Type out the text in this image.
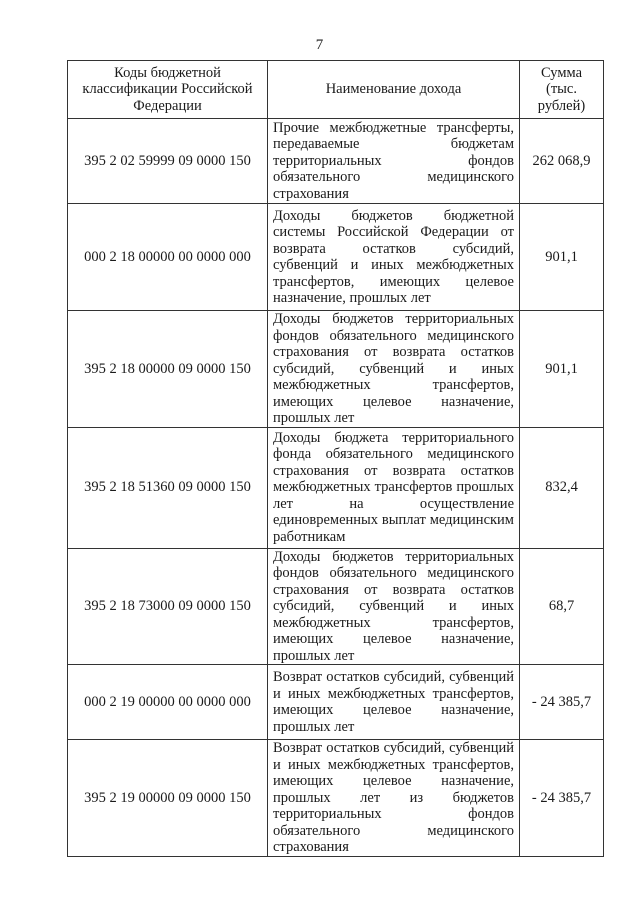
7
Коды бюджетной классификации Российской Федерации	Наименование дохода	Сумма (тыс. рублей)
395 2 02 59999 09 0000 150	Прочие межбюджетные трансферты, передаваемые бюджетам территориальных фондов обязательного медицинского страхования	262 068,9
000 2 18 00000 00 0000 000	Доходы бюджетов бюджетной системы Российской Федерации от возврата остатков субсидий, субвенций и иных межбюджетных трансфертов, имеющих целевое назначение, прошлых лет	901,1
395 2 18 00000 09 0000 150	Доходы бюджетов территориальных фондов обязательного медицинского страхования от возврата остатков субсидий, субвенций и иных межбюджетных трансфертов, имеющих целевое назначение, прошлых лет	901,1
395 2 18 51360 09 0000 150	Доходы бюджета территориального фонда обязательного медицинского страхования от возврата остатков межбюджетных трансфертов прошлых лет на осуществление единовременных выплат медицинским работникам	832,4
395 2 18 73000 09 0000 150	Доходы бюджетов территориальных фондов обязательного медицинского страхования от возврата остатков субсидий, субвенций и иных межбюджетных трансфертов, имеющих целевое назначение, прошлых лет	68,7
000 2 19 00000 00 0000 000	Возврат остатков субсидий, субвенций и иных межбюджетных трансфертов, имеющих целевое назначение, прошлых лет	- 24 385,7
395 2 19 00000 09 0000 150	Возврат остатков субсидий, субвенций и иных межбюджетных трансфертов, имеющих целевое назначение, прошлых лет из бюджетов территориальных фондов обязательного медицинского страхования	- 24 385,7
